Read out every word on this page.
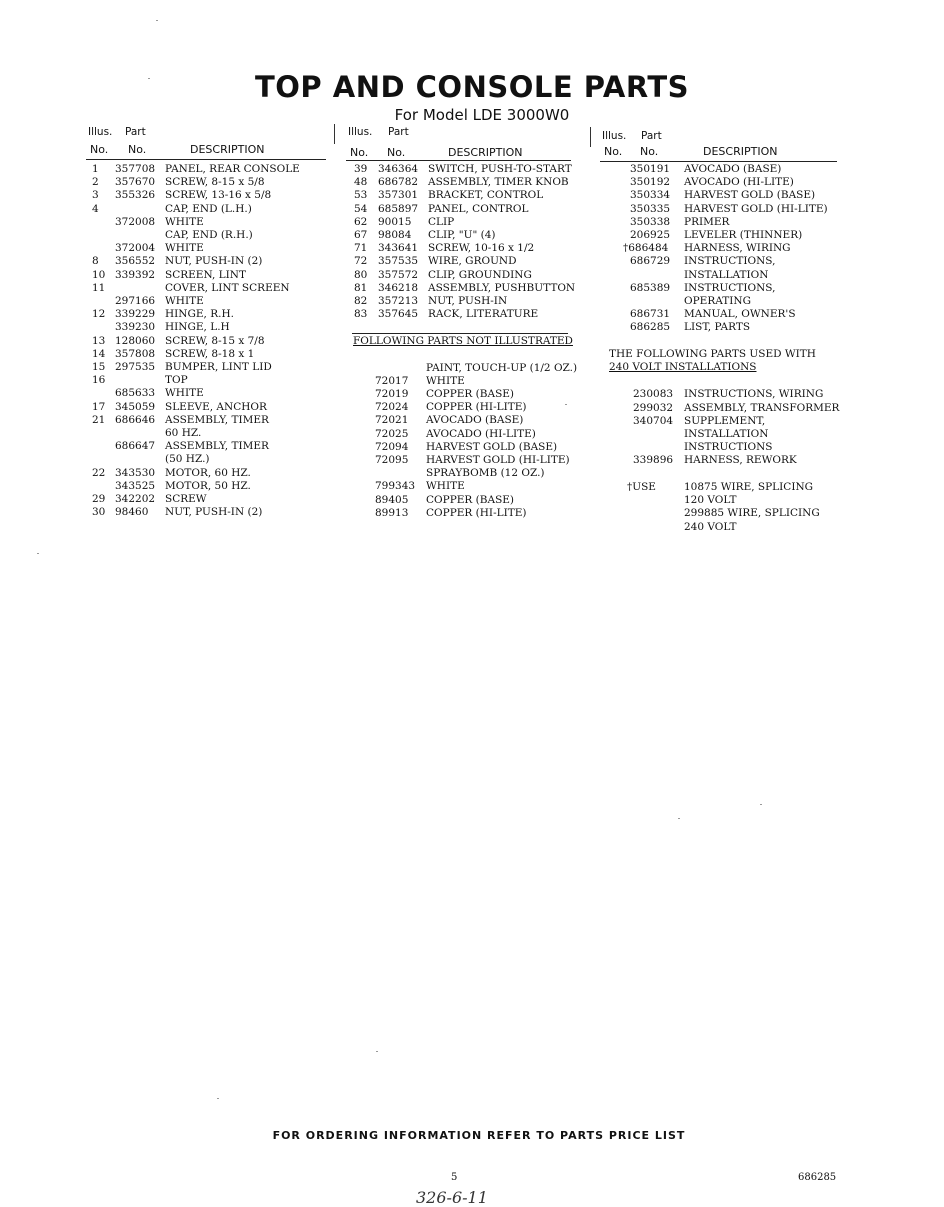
TOP AND CONSOLE PARTS
For Model LDE 3000W0
Illus. Part
No. No.	DESCRIPTION
Illus. Part
No. No.	DESCRIPTION
Illus. Part
No. No.	DESCRIPTION
1 357708 PANEL, REAR CONSOLE
2 357670 SCREW, 8-15 x 5/8
3 355326 SCREW, 13-16 x 5/8
4	CAP, END (L.H.)
372008 WHITE
CAP, END (R.H.)
372004 WHITE
8 356552 NUT, PUSH-IN (2)
10 339392 SCREEN, LINT
11	COVER, LINT SCREEN
297166 WHITE
12 339229 HINGE, R.H.
339230 HINGE, L.H
13 128060 SCREW, 8-15 x 7/8
14 357808 SCREW, 8-18 x 1
15 297535 BUMPER, LINT LID
16	TOP
685633 WHITE
17 345059 SLEEVE, ANCHOR
21 686646 ASSEMBLY, TIMER
60 HZ.
686647 ASSEMBLY, TIMER
(50 HZ.)
22 343530 MOTOR, 60 HZ.
343525 MOTOR, 50 HZ.
29 342202 SCREW
30 98460 NUT, PUSH-IN (2)
39 346364 SWITCH, PUSH-TO-START
48 686782 ASSEMBLY, TIMER KNOB
53 357301 BRACKET, CONTROL
54 685897 PANEL, CONTROL
62 90015 CLIP
67 98084 CLIP, "U" (4)
71 343641 SCREW, 10-16 x 1/2
72 357535 WIRE, GROUND
80 357572 CLIP, GROUNDING
81 346218 ASSEMBLY, PUSHBUTTON
82 357213 NUT, PUSH-IN
83 357645 RACK, LITERATURE
FOLLOWING PARTS NOT ILLUSTRATED
PAINT, TOUCH-UP (1/2 OZ.)
72017 WHITE
72019 COPPER (BASE)
72024 COPPER (HI-LITE)
72021 AVOCADO (BASE)
72025 AVOCADO (HI-LITE)
72094 HARVEST GOLD (BASE)
72095 HARVEST GOLD (HI-LITE)
SPRAYBOMB (12 OZ.)
799343 WHITE
89405 COPPER (BASE)
89913 COPPER (HI-LITE)
350191 AVOCADO (BASE)
350192 AVOCADO (HI-LITE)
350334 HARVEST GOLD (BASE)
350335 HARVEST GOLD (HI-LITE)
350338 PRIMER
206925 LEVELER (THINNER)
†686484 HARNESS, WIRING
686729 INSTRUCTIONS,
INSTALLATION
685389 INSTRUCTIONS,
OPERATING
686731 MANUAL, OWNER'S
686285 LIST, PARTS
THE FOLLOWING PARTS USED WITH
240 VOLT INSTALLATIONS
230083 INSTRUCTIONS, WIRING
299032 ASSEMBLY, TRANSFORMER
340704 SUPPLEMENT,
INSTALLATION
INSTRUCTIONS
339896 HARNESS, REWORK
†USE	10875 WIRE, SPLICING
120 VOLT
299885 WIRE, SPLICING
240 VOLT
FOR ORDERING INFORMATION REFER TO PARTS PRICE LIST
5	686285
326-6-11
